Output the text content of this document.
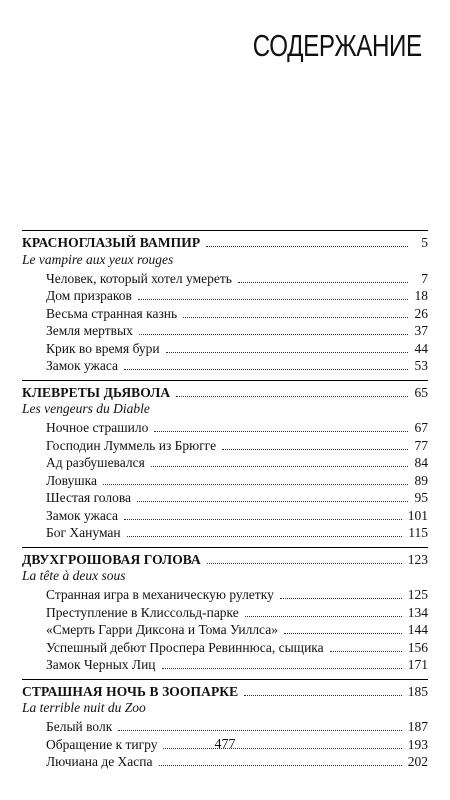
СОДЕРЖАНИЕ
КРАСНОГЛАЗЫЙ ВАМПИР	5
Le vampire aux yeux rouges
Человек, который хотел умереть	7
Дом призраков	18
Весьма странная казнь	26
Земля мертвых	37
Крик во время бури	44
Замок ужаса	53
КЛЕВРЕТЫ ДЬЯВОЛА	65
Les vengeurs du Diable
Ночное страшило	67
Господин Луммель из Брюгге	77
Ад разбушевался	84
Ловушка	89
Шестая голова	95
Замок ужаса	101
Бог Хануман	115
ДВУХГРОШОВАЯ ГОЛОВА	123
La tête à deux sous
Странная игра в механическую рулетку	125
Преступление в Клиссольд-парке	134
«Смерть Гарри Диксона и Тома Уиллса»	144
Успешный дебют Проспера Ревиннюса, сыщика	156
Замок Черных Лиц	171
СТРАШНАЯ НОЧЬ В ЗООПАРКЕ	185
La terrible nuit du Zoo
Белый волк	187
Обращение к тигру	193
Лючиана де Хаспа	202
477
